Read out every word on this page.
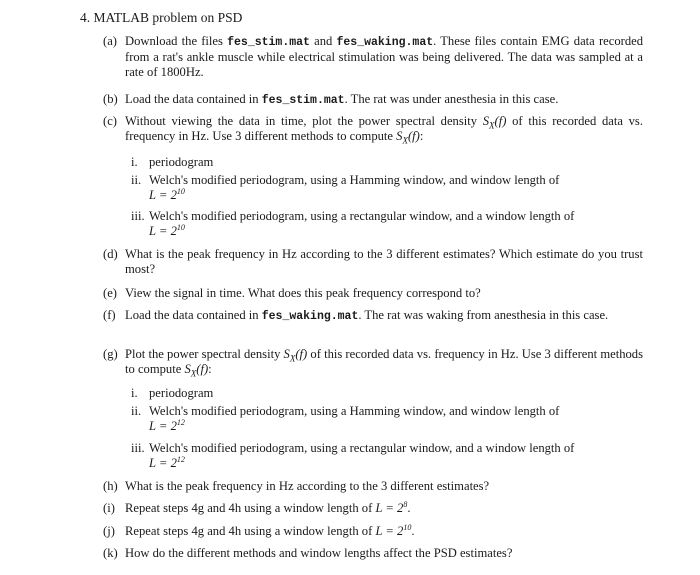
4. MATLAB problem on PSD
(a) Download the files fes_stim.mat and fes_waking.mat. These files contain EMG data recorded from a rat's ankle muscle while electrical stimulation was being delivered. The data was sampled at a rate of 1800Hz.
(b) Load the data contained in fes_stim.mat. The rat was under anesthesia in this case.
(c) Without viewing the data in time, plot the power spectral density $S_X(f)$ of this recorded data vs. frequency in Hz. Use 3 different methods to compute $S_X(f)$:
i. periodogram
ii. Welch's modified periodogram, using a Hamming window, and window length of
$L = 2^{10}$
iii. Welch's modified periodogram, using a rectangular window, and a window length of
$L = 2^{10}$
(d) What is the peak frequency in Hz according to the 3 different estimates? Which estimate do you trust most?
(e) View the signal in time. What does this peak frequency correspond to?
(f) Load the data contained in fes_waking.mat. The rat was waking from anesthesia in this case.
(g) Plot the power spectral density $S_X(f)$ of this recorded data vs. frequency in Hz. Use 3 different methods to compute $S_X(f)$:
i. periodogram
ii. Welch's modified periodogram, using a Hamming window, and window length of
$L = 2^{12}$
iii. Welch's modified periodogram, using a rectangular window, and a window length of
$L = 2^{12}$
(h) What is the peak frequency in Hz according to the 3 different estimates?
(i) Repeat steps 4g and 4h using a window length of $L = 2^8$.
(j) Repeat steps 4g and 4h using a window length of $L = 2^{10}$.
(k) How do the different methods and window lengths affect the PSD estimates?
